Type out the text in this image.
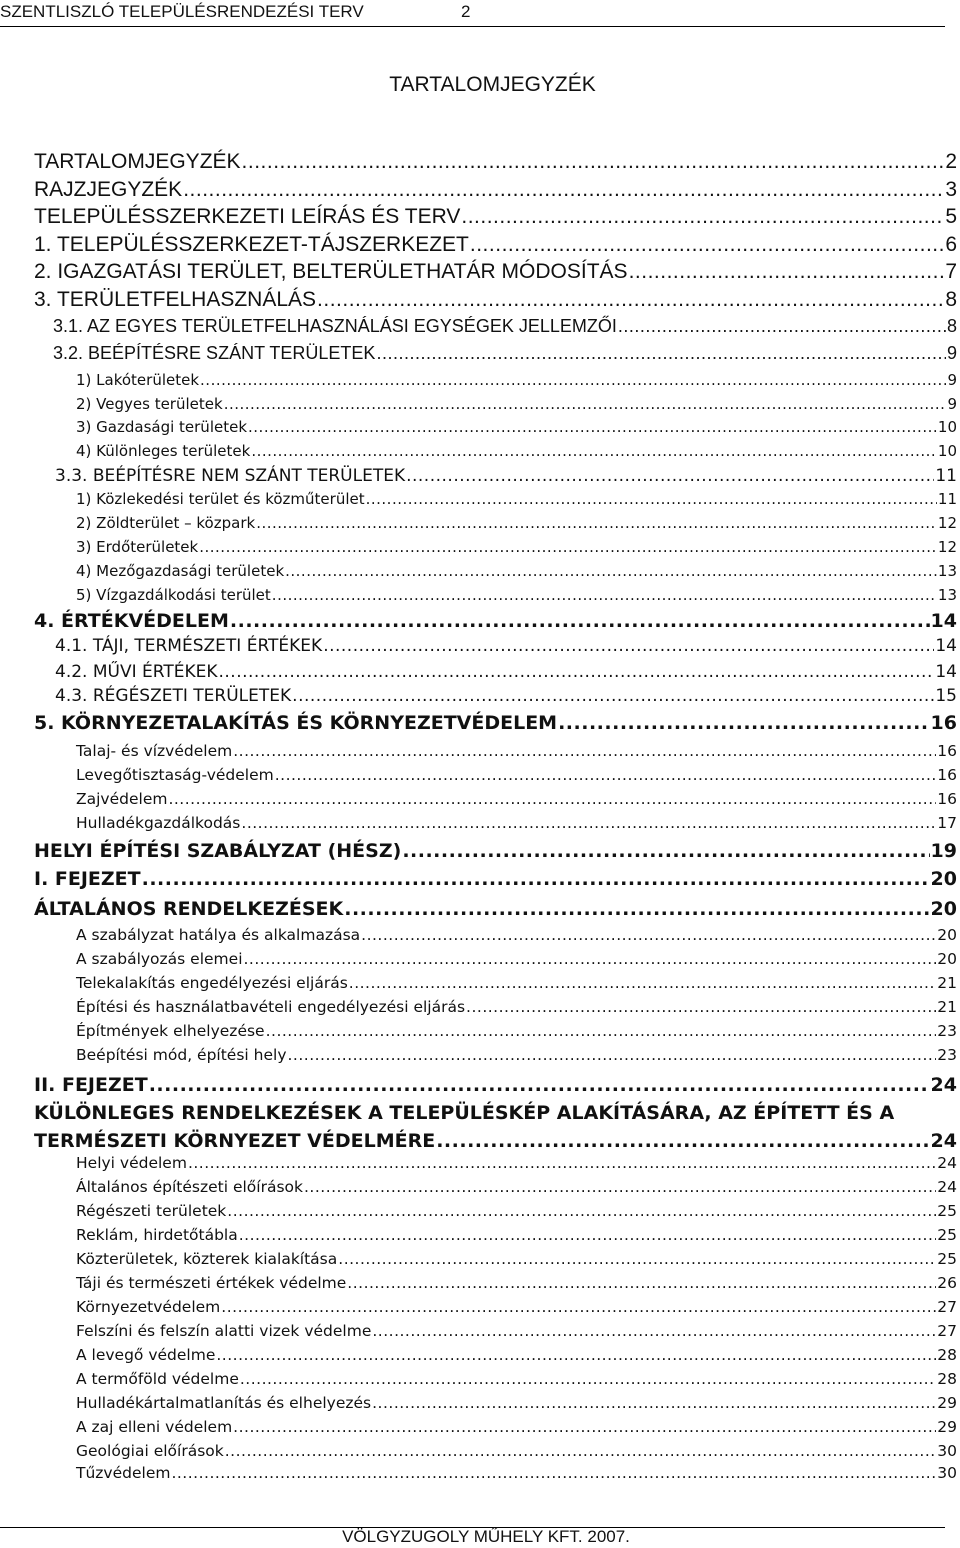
SZENTLISZLÓ TELEPÜLÉSRENDEZÉSI TERV	2
TARTALOMJEGYZÉK
TARTALOMJEGYZÉK .....	2
RAJZJEGYZÉK .....	3
TELEPÜLÉSSZERKEZETI LEÍRÁS ÉS TERV .....	5
1. TELEPÜLÉSSZERKEZET-TÁJSZERKEZET .....	6
2. IGAZGATÁSI TERÜLET, BELTERÜLETHATÁR MÓDOSÍTÁS .....	7
3. TERÜLETFELHASZNÁLÁS .....	8
3.1. AZ EGYES TERÜLETFELHASZNÁLÁSI EGYSÉGEK JELLEMZŐI .....	8
3.2. BEÉPÍTÉSRE SZÁNT TERÜLETEK .....	9
1) Lakóterületek .....	9
2) Vegyes területek .....	9
3) Gazdasági területek .....	10
4) Különleges területek .....	10
3.3. BEÉPÍTÉSRE NEM SZÁNT TERÜLETEK .....	11
1) Közlekedési terület és közműterület .....	11
2) Zöldterület – közpark .....	12
3) Erdőterületek .....	12
4) Mezőgazdasági területek .....	13
5) Vízgazdálkodási terület .....	13
4. ÉRTÉKVÉDELEM .....	14
4.1. TÁJI, TERMÉSZETI ÉRTÉKEK .....	14
4.2. MŰVI ÉRTÉKEK .....	14
4.3. RÉGÉSZETI TERÜLETEK .....	15
5. KÖRNYEZETALAKÍTÁS ÉS KÖRNYEZETVÉDELEM .....	16
Talaj- és vízvédelem .....	16
Levegőtisztaság-védelem .....	16
Zajvédelem .....	16
Hulladékgazdálkodás .....	17
HELYI ÉPÍTÉSI SZABÁLYZAT (HÉSZ) .....	19
I. FEJEZET .....	20
ÁLTALÁNOS RENDELKEZÉSEK .....	20
A szabályzat hatálya és alkalmazása .....	20
A szabályozás elemei .....	20
Telekalakítás engedélyezési eljárás .....	21
Építési és használatbavételi engedélyezési eljárás .....	21
Építmények elhelyezése .....	23
Beépítési mód, építési hely .....	23
II. FEJEZET .....	24
KÜLÖNLEGES RENDELKEZÉSEK A TELEPÜLÉSKÉP ALAKÍTÁSÁRA, AZ ÉPÍTETT ÉS A
TERMÉSZETI KÖRNYEZET VÉDELMÉRE .....	24
Helyi védelem .....	24
Általános építészeti előírások .....	24
Régészeti területek .....	25
Reklám, hirdetőtábla .....	25
Közterületek, közterek kialakítása .....	25
Táji és természeti értékek védelme .....	26
Környezetvédelem .....	27
Felszíni és felszín alatti vizek védelme .....	27
A levegő védelme .....	28
A termőföld védelme .....	28
Hulladékártalmatlanítás és elhelyezés .....	29
A zaj elleni védelem .....	29
Geológiai előírások .....	30
Tűzvédelem .....	30
VÖLGYZUGOLY MŰHELY KFT. 2007.
